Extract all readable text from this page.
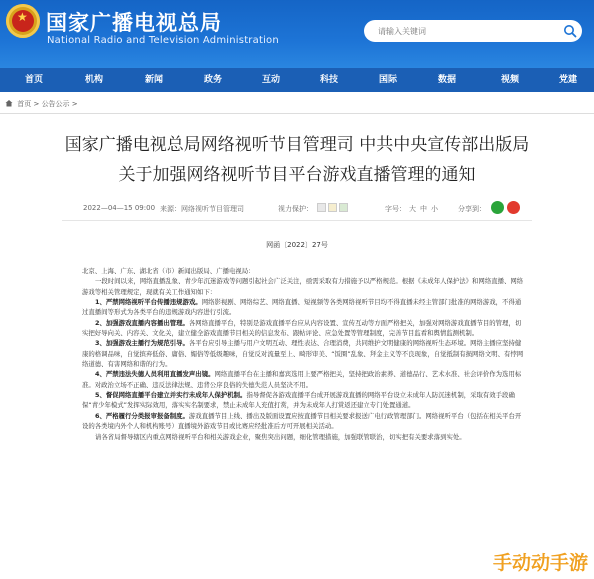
★
国家广播电视总局
National Radio and Television Administration
请输入关键词
首页	机构	新闻	政务	互动	科技	国际	数据	视频	党建
首页 > 公告公示 >
国家广播电视总局网络视听节目管理司 中共中央宣传部出版局
关于加强网络视听节目平台游戏直播管理的通知
2022—04—15 09:00 来源：网络视听节目管理司	视力保护：
	字号： 大 中 小	分享到：
网函〔2022〕27号

北京、上海、广东、湖北省（市）新闻出版局、广播电视局：

一段时间以来，网络直播乱象、青少年沉迷游戏等问题引起社会广泛关注，亟需采取有力措施予以严格规范。根据《未成年人保护法》和网络直播、网络游戏等相关管理规定，现就有关工作通知如下：

1、严禁网络视听平台传播违规游戏。网络影视剧、网络综艺、网络直播、短视频等各类网络视听节目均不得直播未经主管部门批准的网络游戏，不得通过直播间等形式为各类平台的违规游戏内容进行引流。

2、加强游戏直播内容播出管理。各网络直播平台，特别是游戏直播平台应从内容设置、宣传互动等方面严格把关，加强对网络游戏直播节目的管理，切实把好导向关、内容关、文化关，建立健全游戏直播节目相关的信息发布、跟帖评论、应急处置等管理制度，完善节目监看和舆情监测机制。

3、加强游戏主播行为规范引导。各平台应引导主播与用户文明互动、理性表达、合理消费，共同维护文明健康的网络视听生态环境。网络主播应坚持健康的格调品味，自觉摈弃低俗、庸俗、媚俗等低级趣味，自觉反对流量至上、畸形审美、“饭圈”乱象、拜金主义等不良现象，自觉抵制有损网络文明、有悖网络道德、有害网络和谐的行为。

4、严禁违法失德人员利用直播发声出镜。网络直播平台在主播和嘉宾选用上要严格把关，坚持把政治素养、道德品行、艺术水准、社会评价作为选用标准。对政治立场不正确、违反法律法规、违背公序良俗的失德失范人员坚决不用。

5、督促网络直播平台建立并实行未成年人保护机制。指导督促各游戏直播平台成开展游戏直播的网络平台设立未成年人防沉迷机制，采取有效手段确保“青少年模式”发挥实际效用，落实实名制要求，禁止未成年人充值打赏，并为未成年人打赏返还建立专门处置通道。

6、严格履行分类报审报备制度。游戏直播节目上线、播出及版面设置应按直播节目相关要求报送广电行政管理部门。网络视听平台（包括在相关平台开设的各类境内外个人和机构账号）直播境外游戏节目或比赛应经批准后方可开展相关活动。

请各省局督导辖区内重点网络视听平台和相关游戏企业，聚焦突出问题，细化管理措施，加强联管联治，切实把有关要求落到实处。

手动动手游
